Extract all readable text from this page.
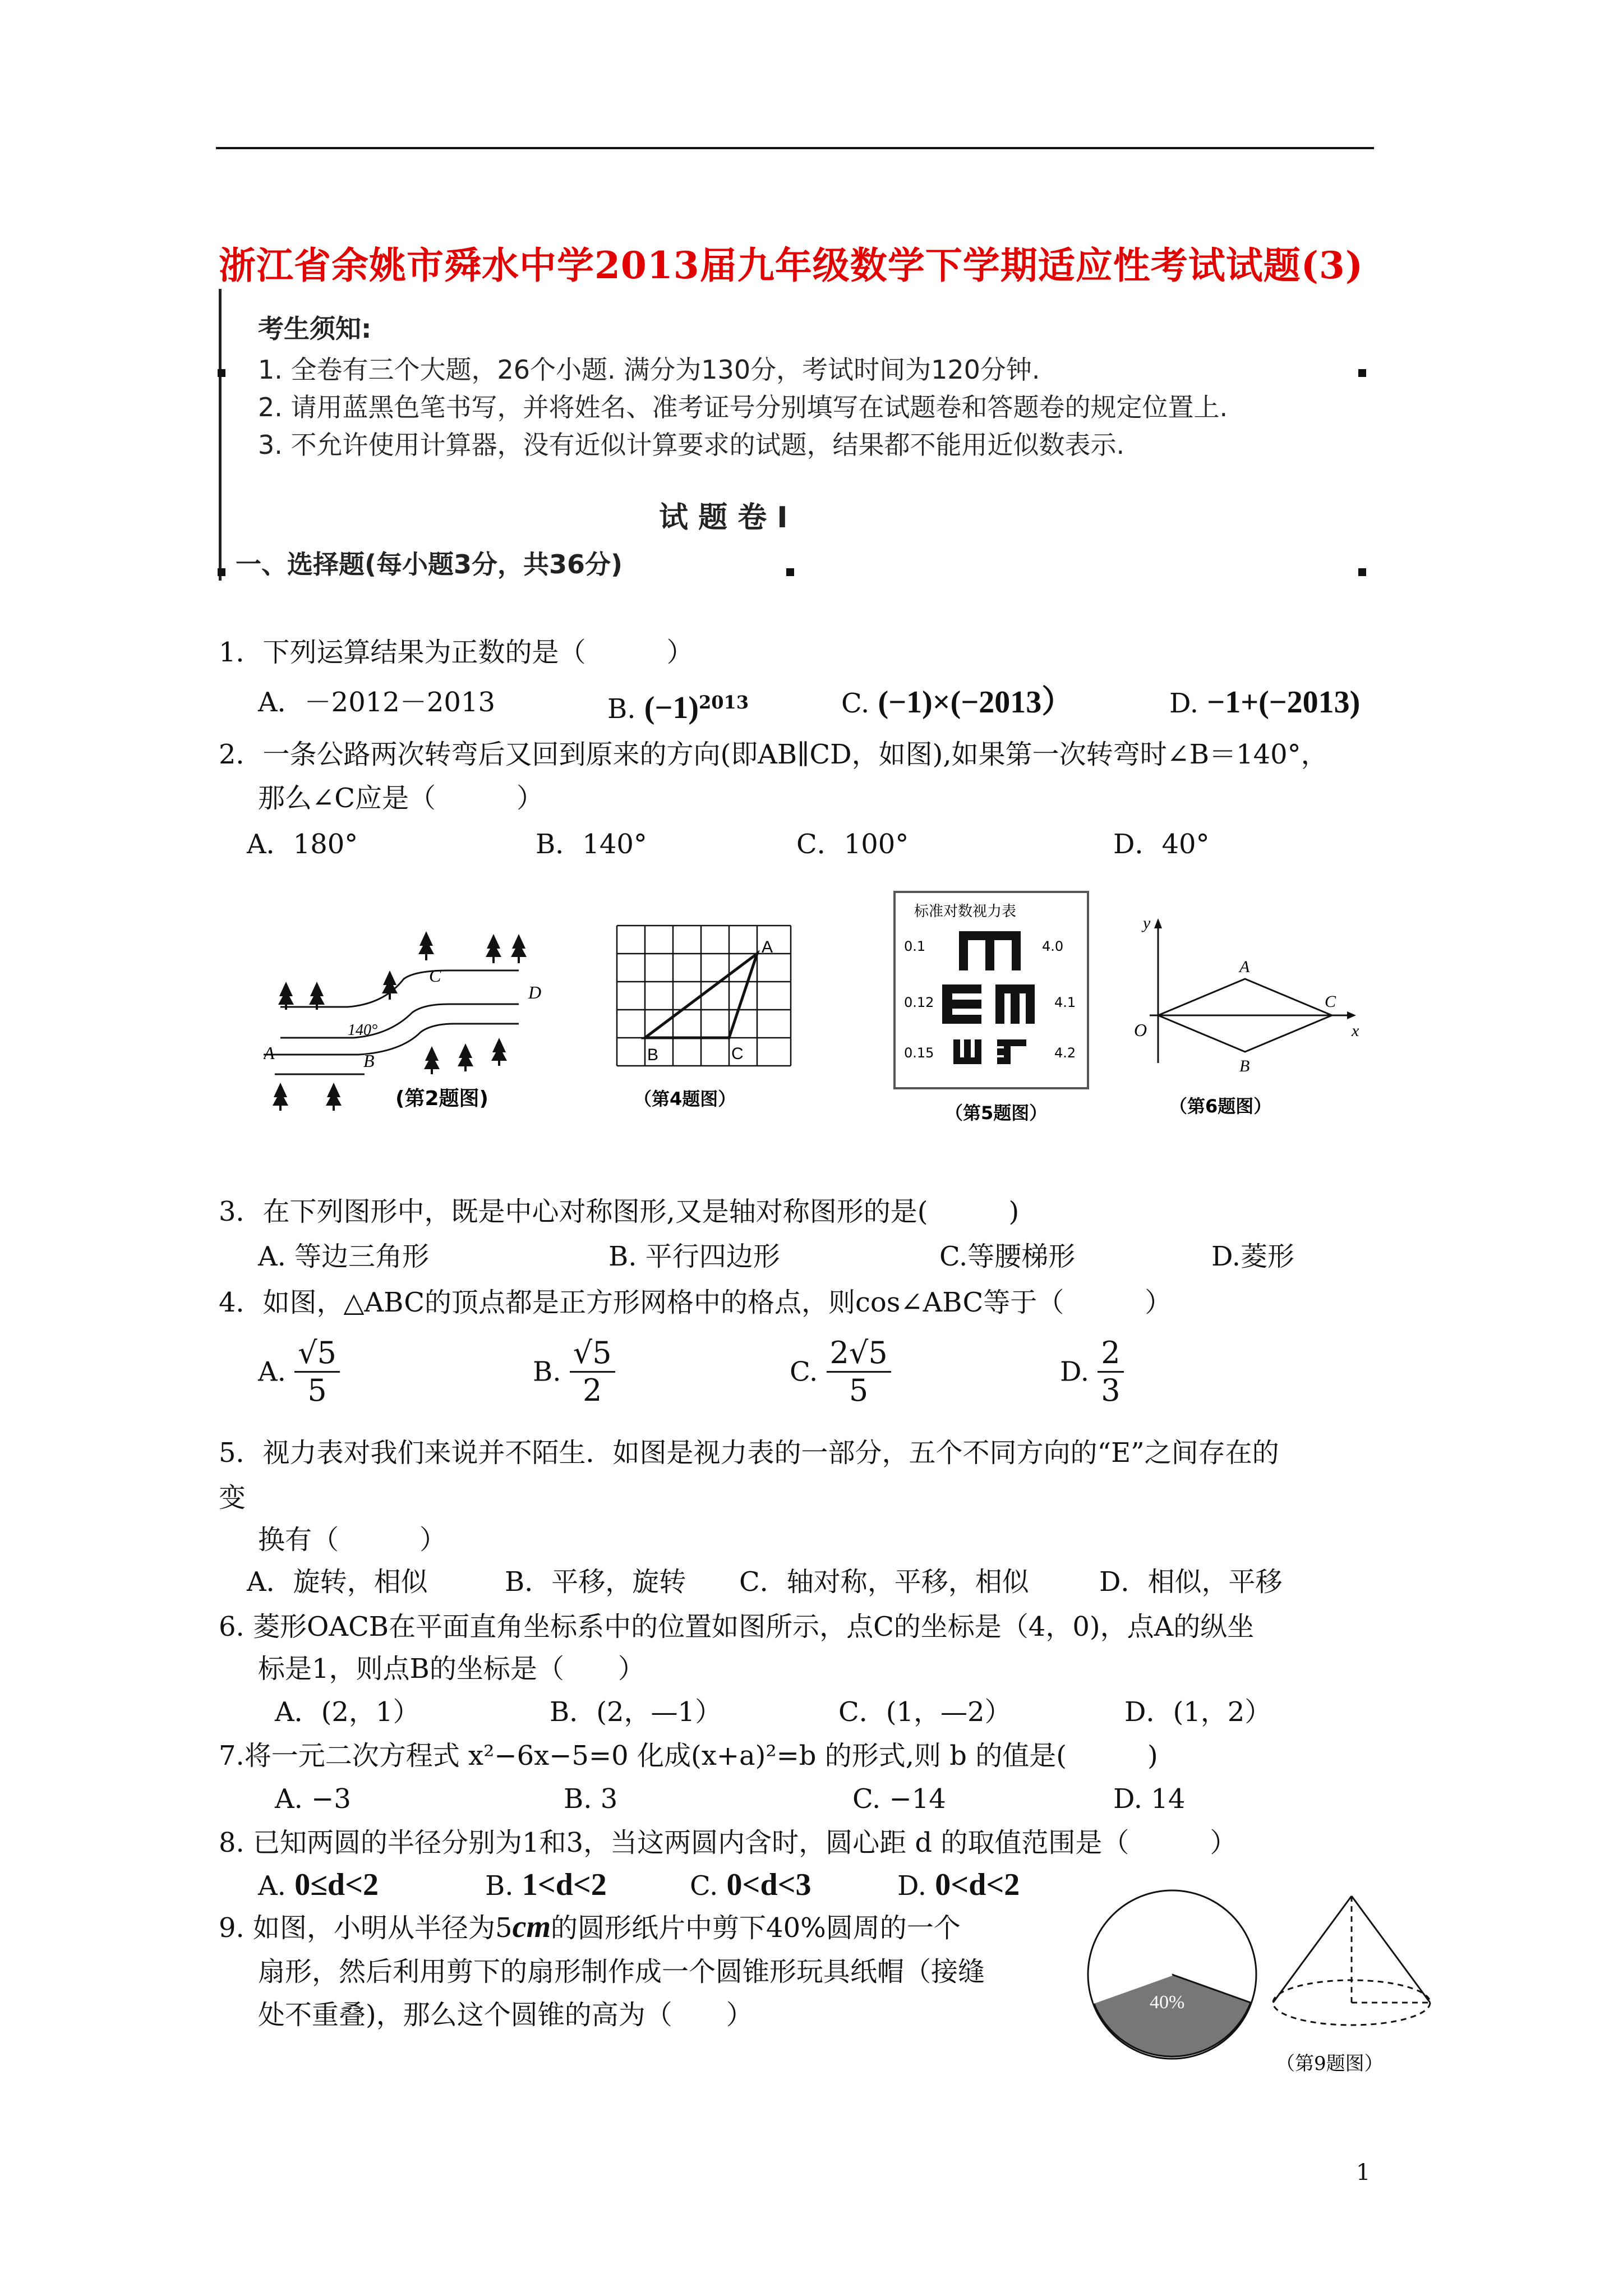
浙江省余姚市舜水中学2013届九年级数学下学期适应性考试试题(3)
考生须知:
1. 全卷有三个大题，26个小题. 满分为130分，考试时间为120分钟.
2. 请用蓝黑色笔书写，并将姓名、准考证号分别填写在试题卷和答题卷的规定位置上.
3. 不允许使用计算器，没有近似计算要求的试题，结果都不能用近似数表示.
试 题 卷 Ⅰ
一、选择题(每小题3分，共36分)
1．下列运算结果为正数的是（　　　）
A．－2012－2013	B. $(-1)^{2013}$	C. (−1)×(−2013）	D. −1+(−2013)
2．一条公路两次转弯后又回到原来的方向(即AB∥CD，如图),如果第一次转弯时∠B＝140°，
那么∠C应是（　　　）
A．180°	B．140°	C．100°	D．40°
A	B
C
D
140°
(第2题图)
A
B	C
（第4题图）
标准对数视力表
0.1	4.0
0.12	4.1
0.15	4.2
（第5题图）
y
x
O
A
B
C
（第6题图）
3．在下列图形中，既是中心对称图形,又是轴对称图形的是(　　　)
A. 等边三角形	B. 平行四边形	C.等腰梯形	D.菱形
4．如图，△ABC的顶点都是正方形网格中的格点，则cos∠ABC等于（　　　）
A. $\frac{√5}{5}$	B. $\frac{√5}{2}$	C. $\frac{2√5}{5}$	D. $\frac{2}{3}$
5．视力表对我们来说并不陌生．如图是视力表的一部分，五个不同方向的“E”之间存在的
变
换有（　　　）
A．旋转，相似	B．平移，旋转 C．轴对称，平移，相似	D．相似，平移
6. 菱形OACB在平面直角坐标系中的位置如图所示，点C的坐标是（4，0)，点A的纵坐
标是1，则点B的坐标是（　　）
A．(2，1）	B．(2，—1）	C．(1，—2）	D．(1，2）
7.将一元二次方程式 x²−6x−5=0 化成(x+a)²=b 的形式,则 b 的值是(　　　)
A. −3	B. 3	C. −14	D. 14
8. 已知两圆的半径分别为1和3，当这两圆内含时，圆心距 d 的取值范围是（　　　）
A. 0≤d<2	B. 1<d<2	C. 0<d<3	D. 0<d<2
9. 如图，小明从半径为5cm的圆形纸片中剪下40%圆周的一个
扇形，然后利用剪下的扇形制作成一个圆锥形玩具纸帽（接缝
处不重叠)，那么这个圆锥的高为（　　）	40%
（第9题图）
1
